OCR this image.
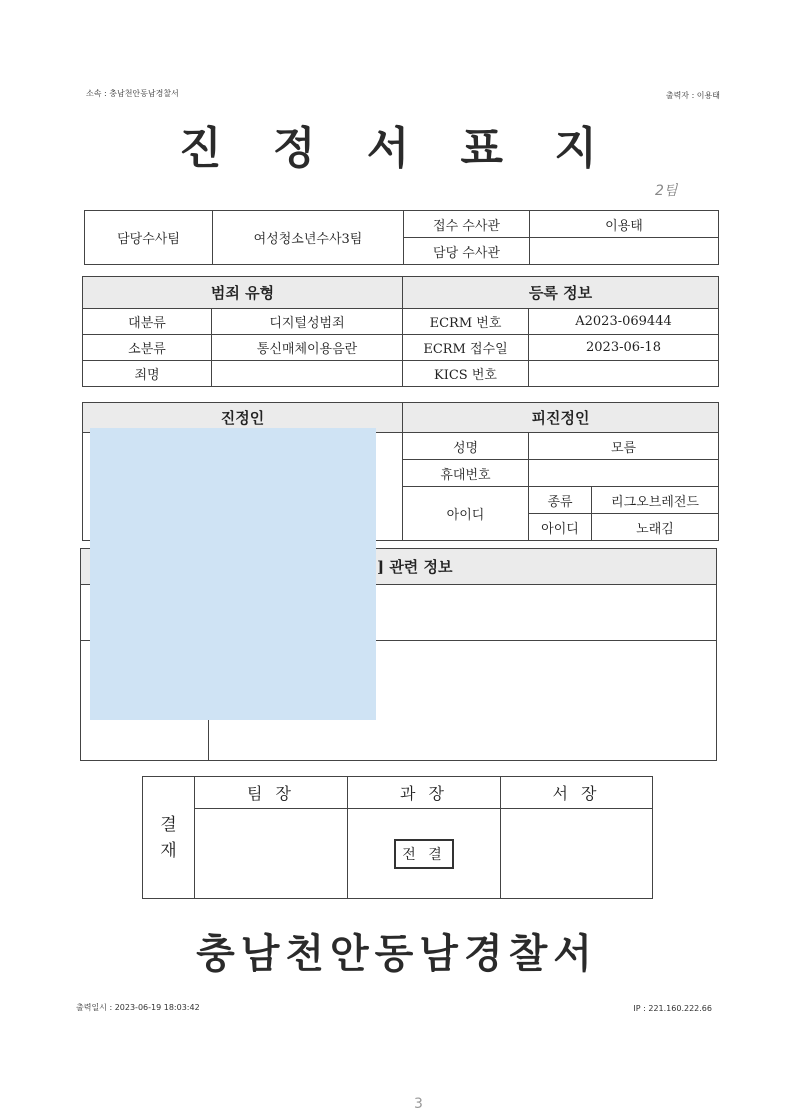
소속 : 충남천안동남경찰서	출력자 : 이용태
진 정 서 표 지
2팀
담당수사팀	여성청소년수사3팀	접수 수사관	이용태
		담당 수사관	
범죄 유형		등록 정보	
대분류	디지털성범죄	ECRM 번호	A2023-069444
소분류	통신매체이용음란	ECRM 접수일	2023-06-18
죄명		KICS 번호	
진정인	피진정인		
	성명	모름	
	휴대번호		
	아이디	종류	리그오브레전드
		아이디	노래김
] 관련 정보	

결
재	팀 장	과 장	서 장
		전 결	
충남천안동남경찰서
출력일시 : 2023-06-19 18:03:42	IP : 221.160.222.66
3
